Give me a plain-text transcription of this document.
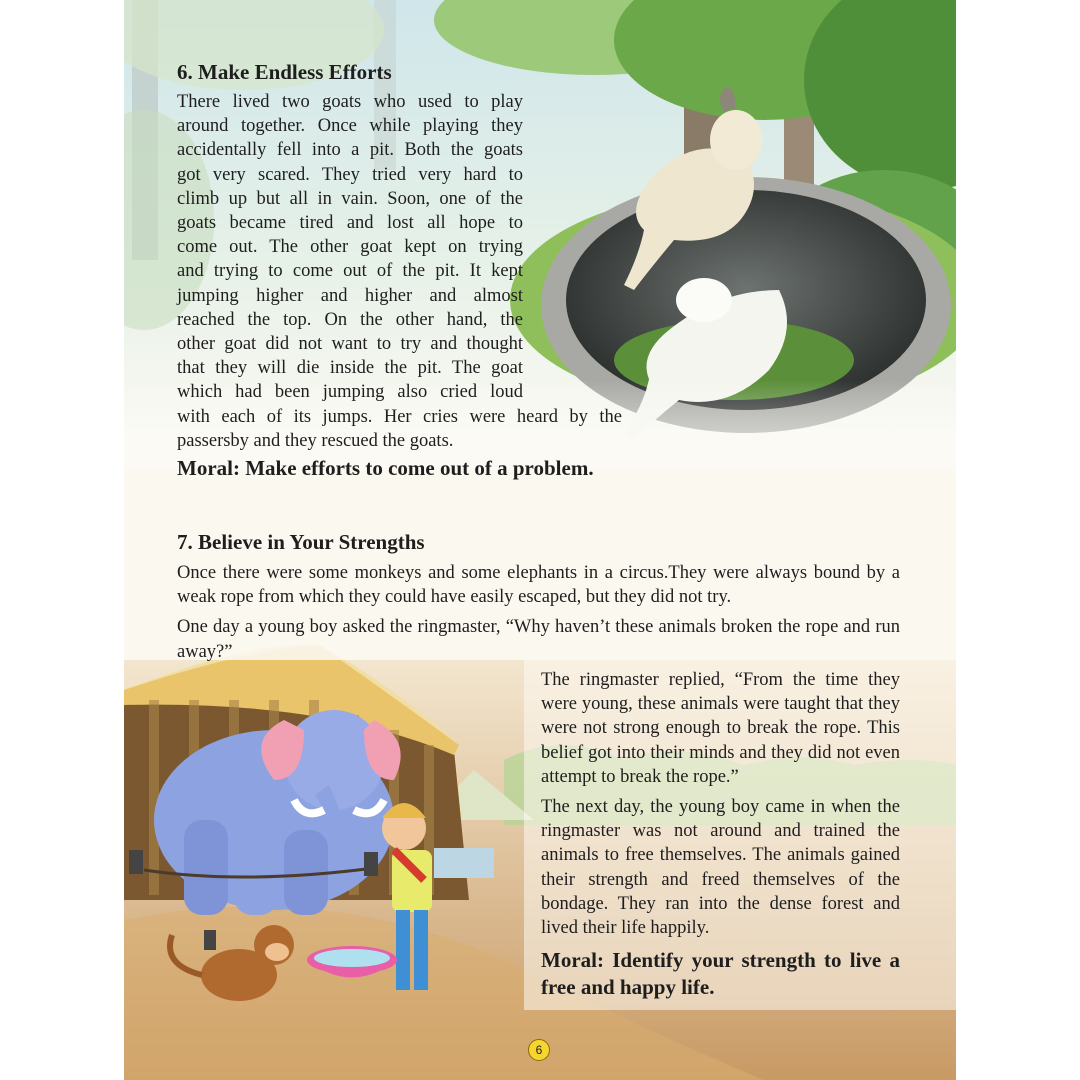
6. Make Endless Efforts
There lived two goats who used to play
around together. Once while playing they
accidentally fell into a pit. Both the goats
got very scared. They tried very hard to
climb up but all in vain. Soon, one of the
goats became tired and lost all hope to
come out. The other goat kept on trying
and trying to come out of the pit. It kept
jumping higher and higher and almost
reached the top. On the other hand, the
other goat did not want to try and thought
that they will die inside the pit. The goat
which had been jumping also cried loud
with each of its jumps. Her cries were heard by the
passersby and they rescued the goats.

Moral: Make efforts to come out of a problem.

7. Believe in Your Strengths

Once there were some monkeys and some elephants in a circus.They were always bound by a weak rope from which they could have easily escaped, but they did not try.

One day a young boy asked the ringmaster, “Why haven’t these animals broken the rope and run away?”

The ringmaster replied, “From the time they were young, these animals were taught that they were not strong enough to break the rope. This belief got into their minds and they did not even attempt to break the rope.”

The next day, the young boy came in when the ringmaster was not around and trained the animals to free themselves. The animals gained their strength and freed themselves of the bondage. They ran into the dense forest and lived their life happily.

Moral: Identify your strength to live a free and happy life.

6
